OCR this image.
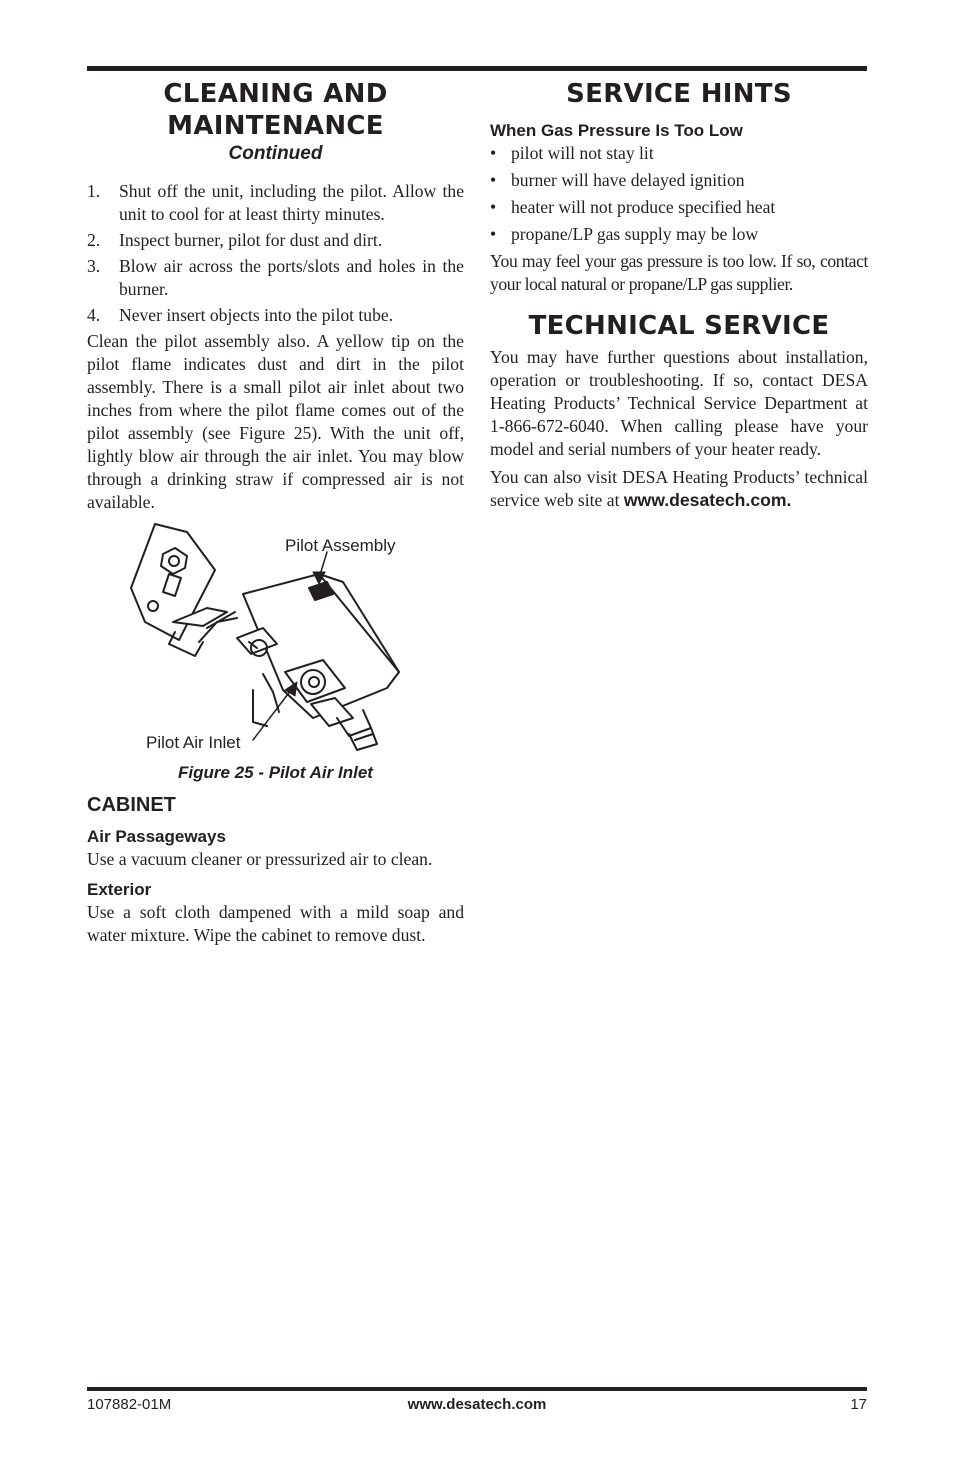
CLEANING AND
MAINTENANCE
Continued
1.	Shut off the unit, including the pilot. Allow the unit to cool for at least thirty minutes.
2.	Inspect burner, pilot for dust and dirt.
3.	Blow air across the ports/slots and holes in the burner.
4.	Never insert objects into the pilot tube.

Clean the pilot assembly also. A yellow tip on the pilot flame indicates dust and dirt in the pilot assembly. There is a small pilot air inlet about two inches from where the pilot flame comes out of the pilot assembly (see Figure 25). With the unit off, lightly blow air through the air inlet. You may blow through a drinking straw if compressed air is not available.

Pilot Assembly
Pilot Air Inlet
Figure 25 - Pilot Air Inlet
CABINET
Air Passageways

Use a vacuum cleaner or pressurized air to clean.

Exterior

Use a soft cloth dampened with a mild soap and water mixture. Wipe the cabinet to remove dust.

SERVICE HINTS
When Gas Pressure Is Too Low
• pilot will not stay lit
• burner will have delayed ignition
• heater will not produce specified heat
• propane/LP gas supply may be low

You may feel your gas pressure is too low. If so, contact your local natural or propane/LP gas supplier.

TECHNICAL SERVICE

You may have further questions about installation, operation or troubleshooting. If so, contact DESA Heating Products’ Technical Service Department at 1-866-672-6040. When calling please have your model and serial numbers of your heater ready.

You can also visit DESA Heating Products’ technical service web site at www.desatech.com.

107882-01M	www.desatech.com	17
